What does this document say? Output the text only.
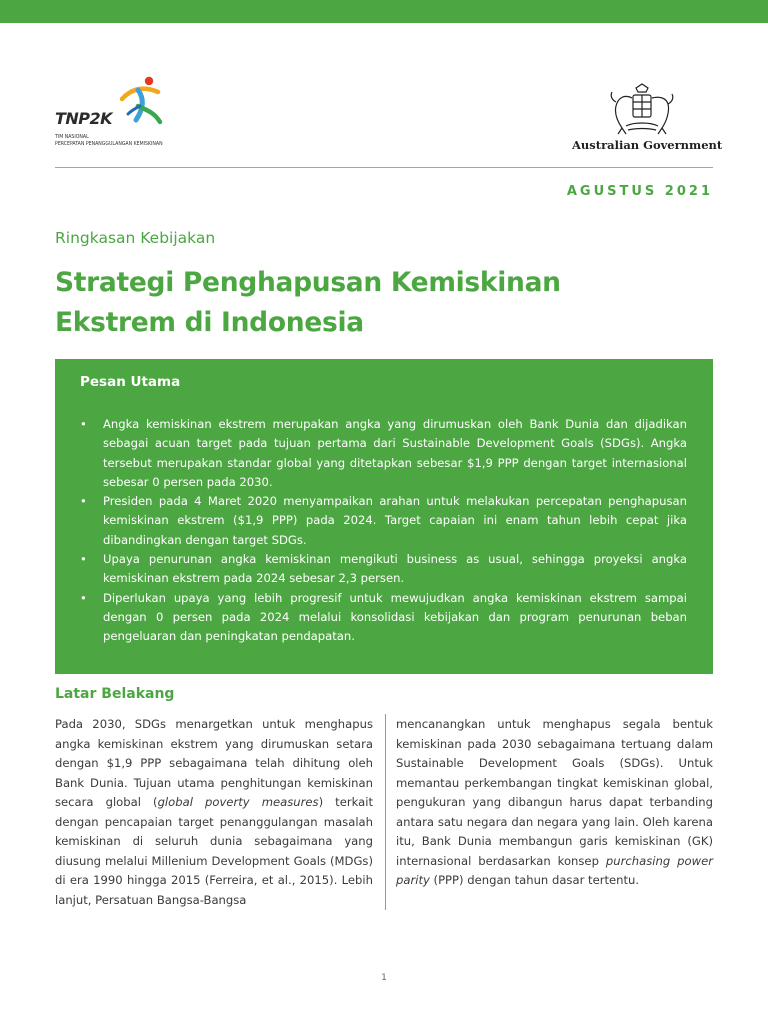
TNP2K
TIM NASIONAL
PERCEPATAN PENANGGULANGAN KEMISKINAN	Australian Government
AGUSTUS 2021
Ringkasan Kebijakan
Strategi Penghapusan Kemiskinan
Ekstrem di Indonesia
Pesan Utama
• Angka kemiskinan ekstrem merupakan angka yang dirumuskan oleh Bank Dunia dan dijadikan sebagai acuan target pada tujuan pertama dari Sustainable Development Goals (SDGs). Angka tersebut merupakan standar global yang ditetapkan sebesar $1,9 PPP dengan target internasional sebesar 0 persen pada 2030.
• Presiden pada 4 Maret 2020 menyampaikan arahan untuk melakukan percepatan penghapusan kemiskinan ekstrem ($1,9 PPP) pada 2024. Target capaian ini enam tahun lebih cepat jika dibandingkan dengan target SDGs.
• Upaya penurunan angka kemiskinan mengikuti business as usual, sehingga proyeksi angka kemiskinan ekstrem pada 2024 sebesar 2,3 persen.
• Diperlukan upaya yang lebih progresif untuk mewujudkan angka kemiskinan ekstrem sampai dengan 0 persen pada 2024 melalui konsolidasi kebijakan dan program penurunan beban pengeluaran dan peningkatan pendapatan.
Latar Belakang
Pada 2030, SDGs menargetkan untuk menghapus angka kemiskinan ekstrem yang dirumuskan setara dengan $1,9 PPP sebagaimana telah dihitung oleh Bank Dunia. Tujuan utama penghitungan kemiskinan secara global (global poverty measures) terkait dengan pencapaian target penanggulangan masalah kemiskinan di seluruh dunia sebagaimana yang diusung melalui Millenium Development Goals (MDGs) di era 1990 hingga 2015 (Ferreira, et al., 2015). Lebih lanjut, Persatuan Bangsa-Bangsa
mencanangkan untuk menghapus segala bentuk kemiskinan pada 2030 sebagaimana tertuang dalam Sustainable Development Goals (SDGs). Untuk memantau perkembangan tingkat kemiskinan global, pengukuran yang dibangun harus dapat terbanding antara satu negara dan negara yang lain. Oleh karena itu, Bank Dunia membangun garis kemiskinan (GK) internasional berdasarkan konsep purchasing power parity (PPP) dengan tahun dasar tertentu.
1
